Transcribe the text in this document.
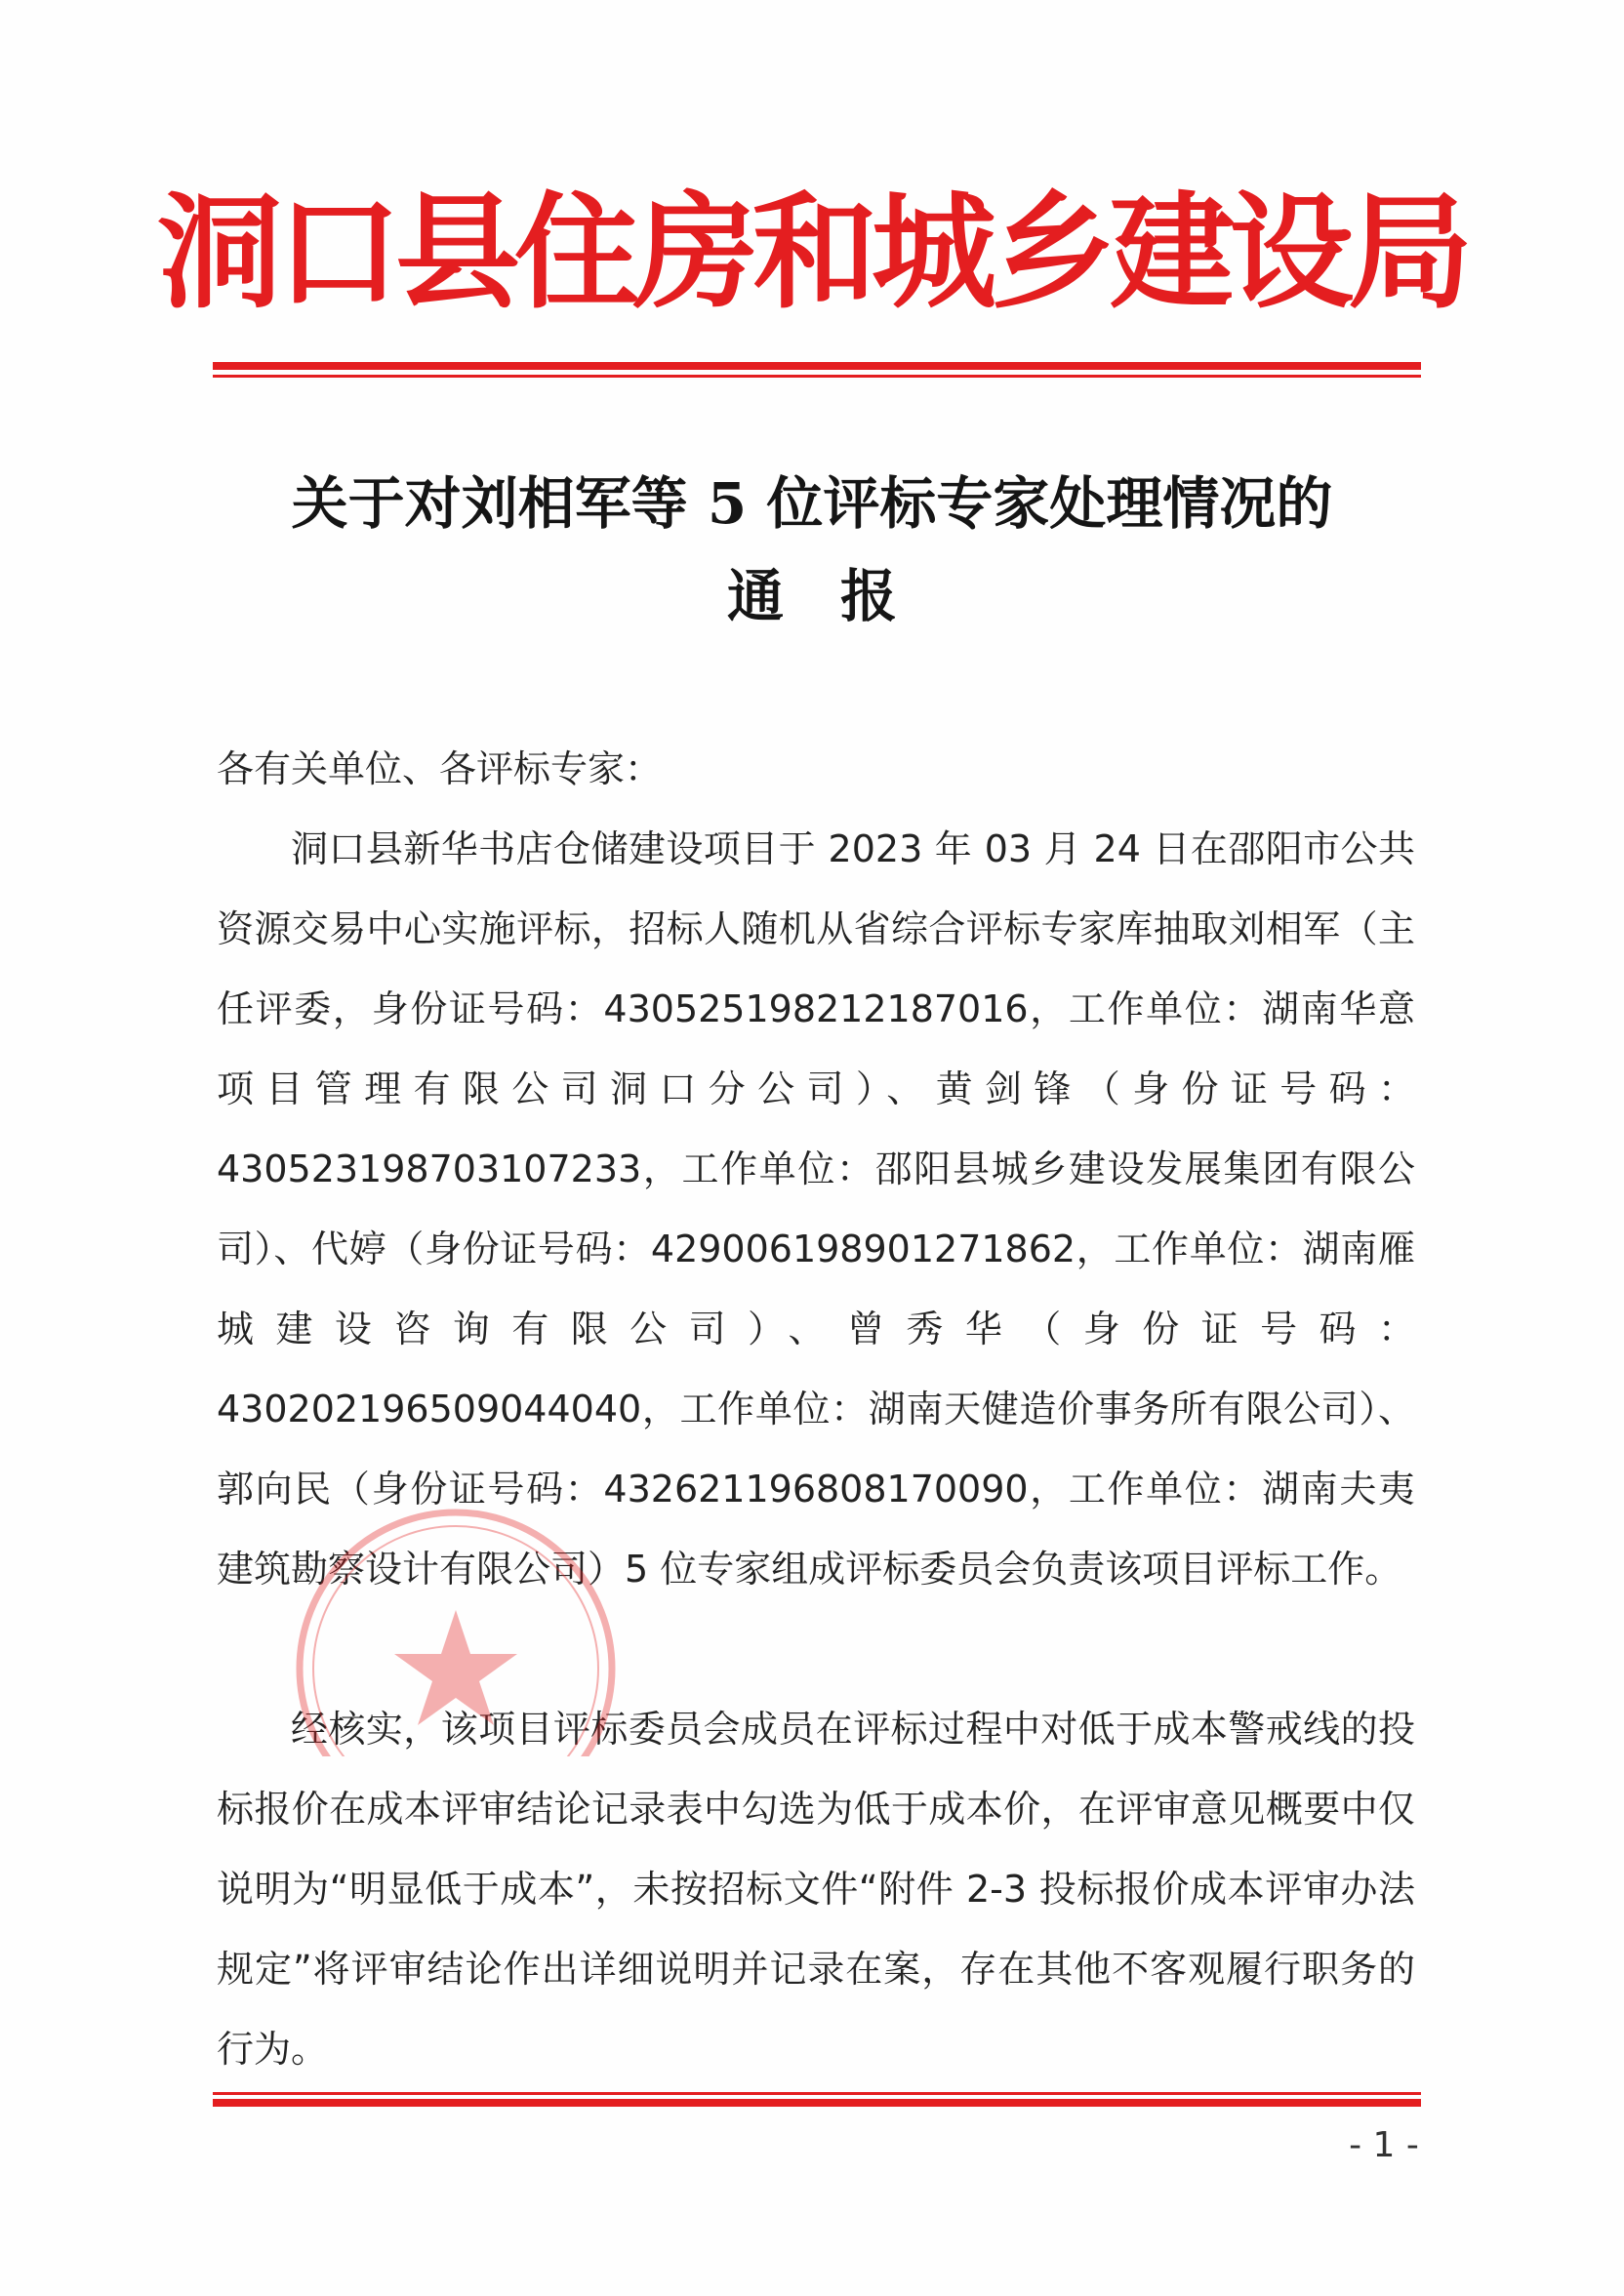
洞口县住房和城乡建设局
关于对刘相军等 5 位评标专家处理情况的
通报
各有关单位、各评标专家：
洞口县新华书店仓储建设项目于 2023 年 03 月 24 日在邵阳市公共资源交易中心实施评标，招标人随机从省综合评标专家库抽取刘相军（主任评委，身份证号码：430525198212187016，工作单位：湖南华意项目管理有限公司洞口分公司）、黄剑锋（身份证号码：430523198703107233，工作单位：邵阳县城乡建设发展集团有限公司）、代婷（身份证号码：429006198901271862，工作单位：湖南雁城建设咨询有限公司）、曾秀华（身份证号码：430202196509044040，工作单位：湖南天健造价事务所有限公司）、郭向民（身份证号码：432621196808170090，工作单位：湖南夫夷建筑勘察设计有限公司）5 位专家组成评标委员会负责该项目评标工作。
经核实，该项目评标委员会成员在评标过程中对低于成本警戒线的投标报价在成本评审结论记录表中勾选为低于成本价，在评审意见概要中仅说明为“明显低于成本”，未按招标文件“附件 2-3 投标报价成本评审办法规定”将评审结论作出详细说明并记录在案，存在其他不客观履行职务的行为。
- 1 -
